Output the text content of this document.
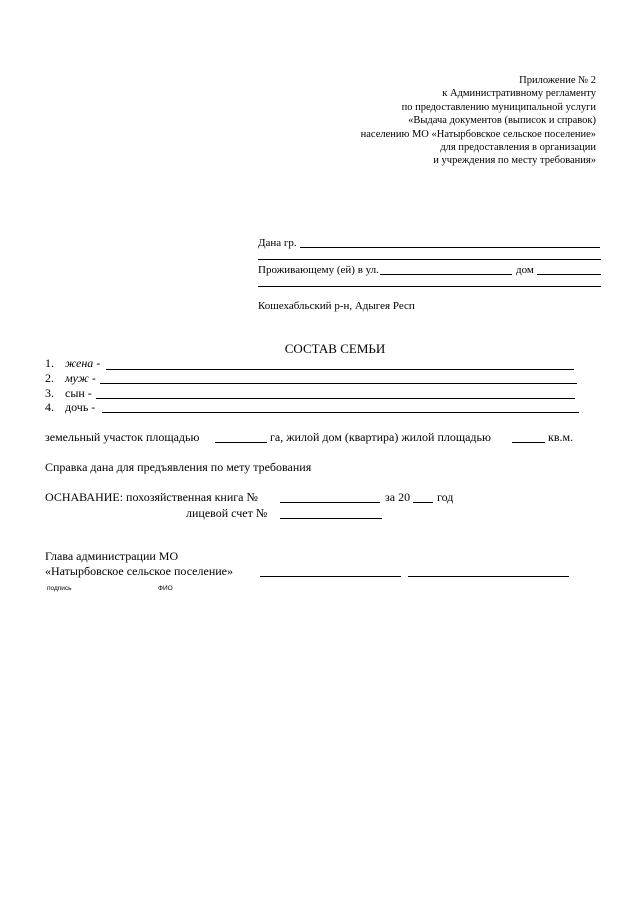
Приложение № 2
к Административному регламенту
по предоставлению муниципальной услуги
«Выдача документов (выписок и справок)
населению МО «Натырбовское сельское поселение»
для предоставления в организации
и учреждения по месту требования»
Дана гр.
Проживающему (ей) в ул.	дом
Кошехабльский р-н, Адыгея Респ
СОСТАВ СЕМЬИ
1. жена -
2. муж -
3. сын -
4. дочь -
земельный участок площадью	га, жилой дом (квартира) жилой площадью	кв.м.
Справка дана для предъявления по мету требования
ОСНАВАНИЕ: похозяйственная книга №	за 20 год
лицевой счет №
Глава администрации МО
«Натырбовское сельское поселение»
подпись	ФИО
